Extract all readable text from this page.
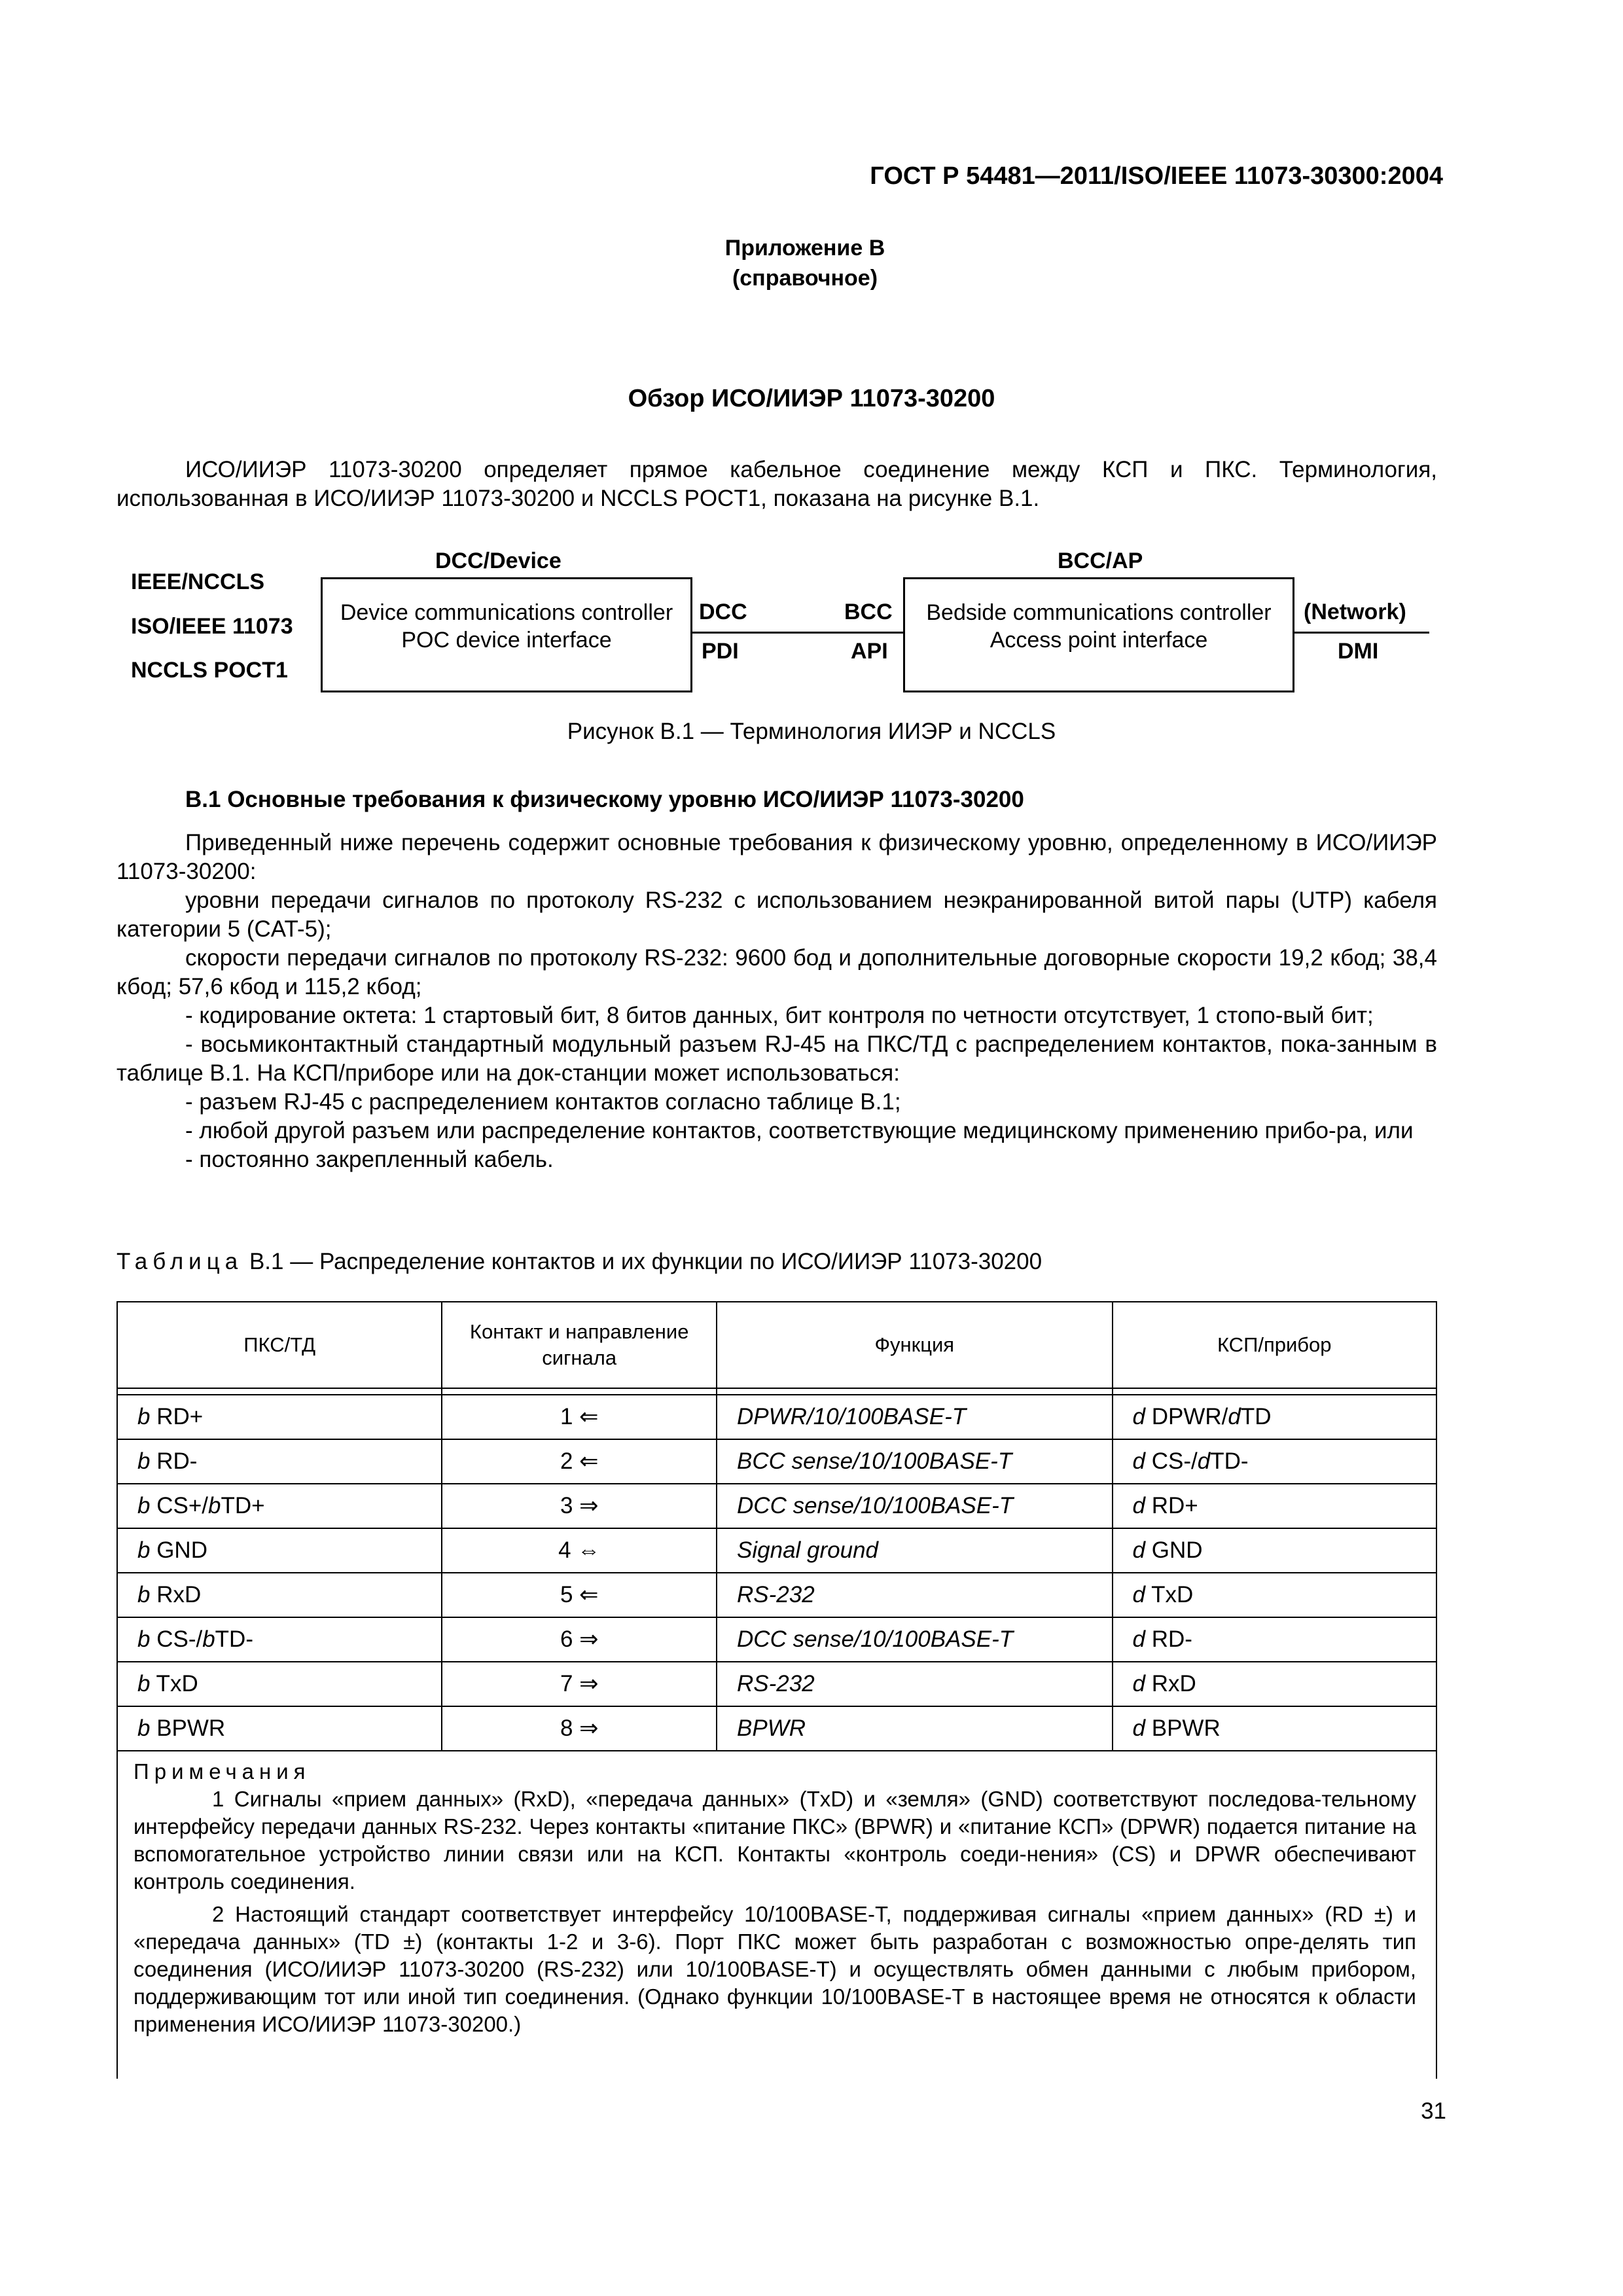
ГОСТ Р 54481—2011/ISO/IEEE 11073-30300:2004
Приложение В
(справочное)
Обзор ИСО/ИИЭР 11073-30200

ИСО/ИИЭР 11073-30200 определяет прямое кабельное соединение между КСП и ПКС. Терминология, использованная в ИСО/ИИЭР 11073-30200 и NCCLS POCT1, показана на рисунке В.1.

IEEE/NCCLS
ISO/IEEE 11073
NCCLS POCT1
DCC/Device
Device communications controller
POC device interface
DCC
PDI
BCC
API
BCC/AP
Bedside communications controller
Access point interface
(Network)
DMI
Рисунок В.1 — Терминология ИИЭР и NCCLS
В.1 Основные требования к физическому уровню ИСО/ИИЭР 11073-30200

Приведенный ниже перечень содержит основные требования к физическому уровню, определенному в ИСО/ИИЭР 11073-30200:

уровни передачи сигналов по протоколу RS-232 с использованием неэкранированной витой пары (UTP) кабеля категории 5 (CAT-5);

скорости передачи сигналов по протоколу RS-232: 9600 бод и дополнительные договорные скорости 19,2 кбод; 38,4 кбод; 57,6 кбод и 115,2 кбод;

- кодирование октета: 1 стартовый бит, 8 битов данных, бит контроля по четности отсутствует, 1 стопо-вый бит;

- восьмиконтактный стандартный модульный разъем RJ-45 на ПКС/ТД с распределением контактов, пока-занным в таблице В.1. На КСП/приборе или на док-станции может использоваться:

- разъем RJ-45 с распределением контактов согласно таблице В.1;

- любой другой разъем или распределение контактов, соответствующие медицинскому применению прибо-ра, или

- постоянно закрепленный кабель.

Таблица В.1 — Распределение контактов и их функции по ИСО/ИИЭР 11073-30200
ПКС/ТД	Контакт и направление сигнала	Функция	КСП/прибор

b RD+	1 ⇐	DPWR/10/100BASE-T	d DPWR/dTD
b RD-	2 ⇐	BCC sense/10/100BASE-T	d CS-/dTD-
b CS+/bTD+	3 ⇒	DCC sense/10/100BASE-T	d RD+
b GND	4 ⇔	Signal ground	d GND
b RxD	5 ⇐	RS-232	d TxD
b CS-/bTD-	6 ⇒	DCC sense/10/100BASE-T	d RD-
b TxD	7 ⇒	RS-232	d RxD
b BPWR	8 ⇒	BPWR	d BPWR

Примечания

1 Сигналы «прием данных» (RxD), «передача данных» (TxD) и «земля» (GND) соответствуют последова-тельному интерфейсу передачи данных RS-232. Через контакты «питание ПКС» (BPWR) и «питание КСП» (DPWR) подается питание на вспомогательное устройство линии связи или на КСП. Контакты «контроль соеди-нения» (CS) и DPWR обеспечивают контроль соединения.

2 Настоящий стандарт соответствует интерфейсу 10/100BASE-T, поддерживая сигналы «прием данных» (RD ±) и «передача данных» (TD ±) (контакты 1-2 и 3-6). Порт ПКС может быть разработан с возможностью опре-делять тип соединения (ИСО/ИИЭР 11073-30200 (RS-232) или 10/100BASE-T) и осуществлять обмен данными с любым прибором, поддерживающим тот или иной тип соединения. (Однако функции 10/100BASE-T в настоящее время не относятся к области применения ИСО/ИИЭР 11073-30200.)

31
